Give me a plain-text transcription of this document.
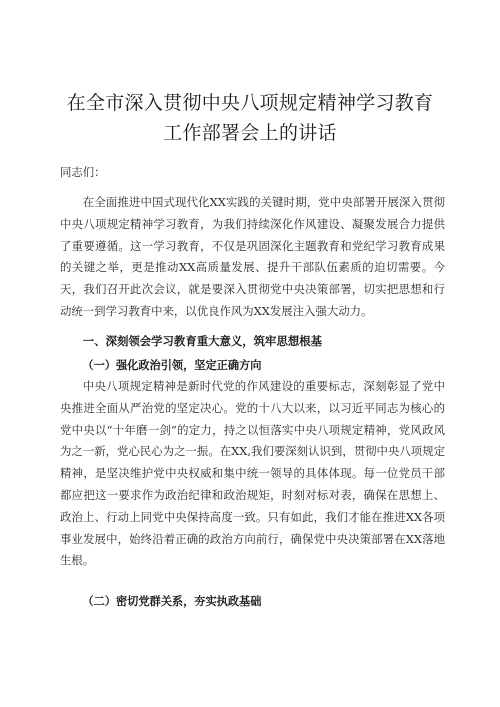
在全市深入贯彻中央八项规定精神学习教育工作部署会上的讲话
同志们：
在全面推进中国式现代化XX实践的关键时期，党中央部署开展深入贯彻中央八项规定精神学习教育，为我们持续深化作风建设、凝聚发展合力提供了重要遵循。这一学习教育，不仅是巩固深化主题教育和党纪学习教育成果的关键之举，更是推动XX高质量发展、提升干部队伍素质的迫切需要。今天，我们召开此次会议，就是要深入贯彻党中央决策部署，切实把思想和行动统一到学习教育中来，以优良作风为XX发展注入强大动力。
一、深刻领会学习教育重大意义，筑牢思想根基
（一）强化政治引领，坚定正确方向
中央八项规定精神是新时代党的作风建设的重要标志，深刻彰显了党中央推进全面从严治党的坚定决心。党的十八大以来，以习近平同志为核心的党中央以“十年磨一剑”的定力，持之以恒落实中央八项规定精神，党风政风为之一新，党心民心为之一振。在XX,我们要深刻认识到，贯彻中央八项规定精神，是坚决维护党中央权威和集中统一领导的具体体现。每一位党员干部都应把这一要求作为政治纪律和政治规矩，时刻对标对表，确保在思想上、政治上、行动上同党中央保持高度一致。只有如此，我们才能在推进XX各项事业发展中，始终沿着正确的政治方向前行，确保党中央决策部署在XX落地生根。
（二）密切党群关系，夯实执政基础
